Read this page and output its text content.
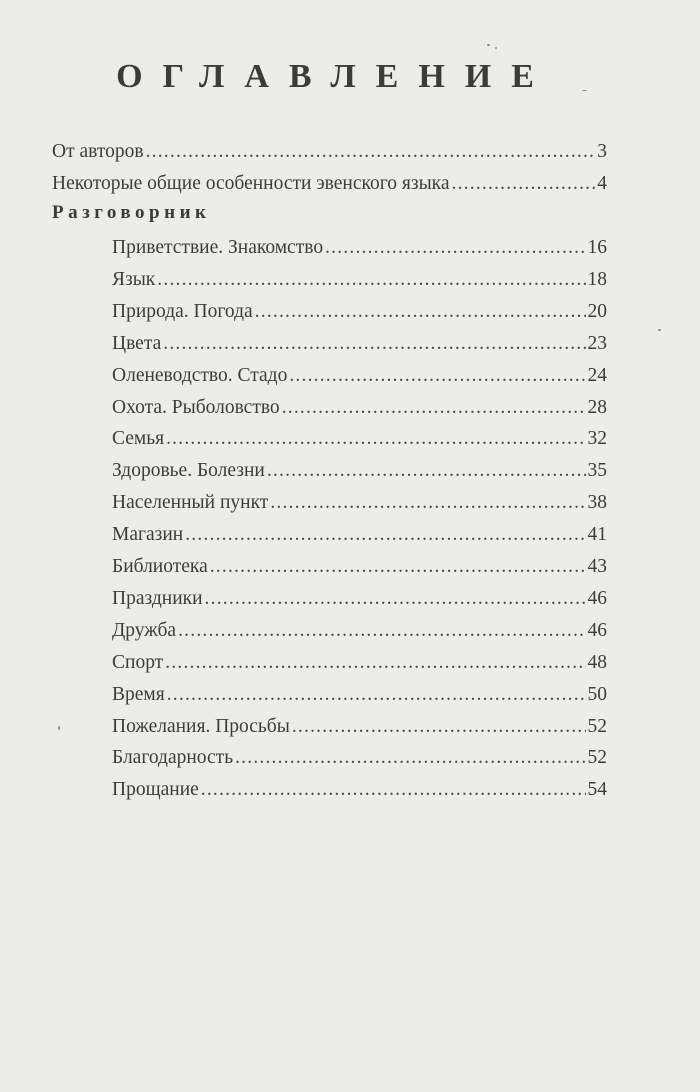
ОГЛАВЛЕНИЕ
От авторов .....	3
Некоторые общие особенности эвенского языка .....	4
Разговорник
Приветствие. Знакомство .....	16
Язык .....	18
Природа. Погода .....	20
Цвета .....	23
Оленеводство. Стадо .....	24
Охота. Рыболовство .....	28
Семья .....	32
Здоровье. Болезни .....	35
Населенный пункт .....	38
Магазин .....	41
Библиотека .....	43
Праздники .....	46
Дружба .....	46
Спорт .....	48
Время .....	50
Пожелания. Просьбы .....	52
Благодарность .....	52
Прощание .....	54
